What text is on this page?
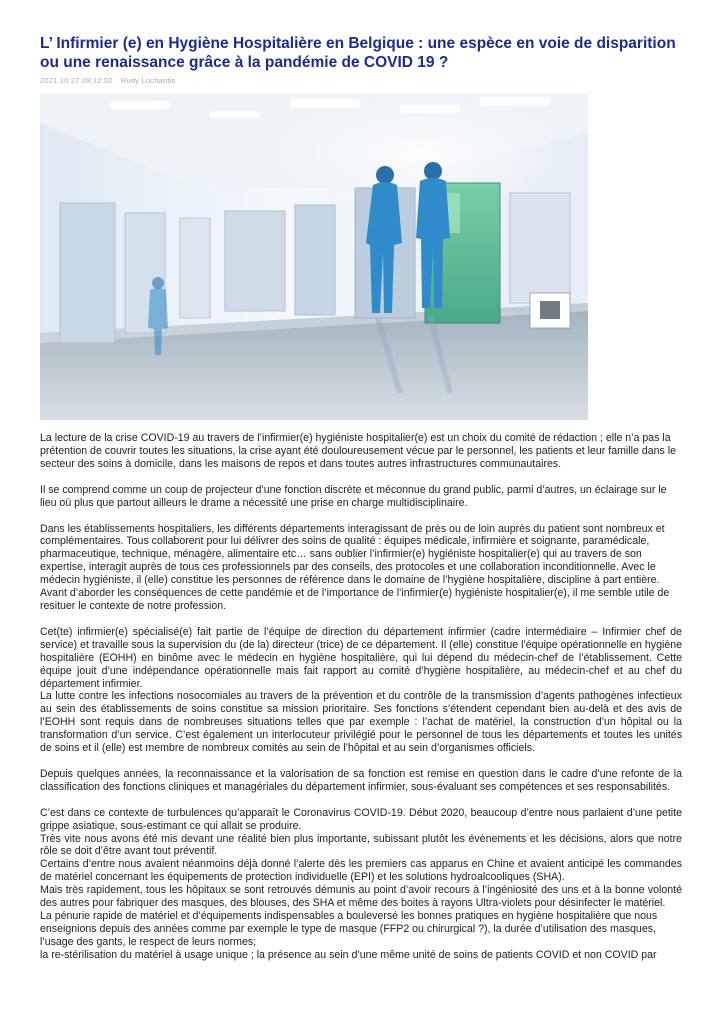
L’ Infirmier (e) en Hygiène Hospitalière en Belgique : une espèce en voie de disparition ou une renaissance grâce à la pandémie de COVID 19 ?
2021 10 27 09:12:02 Rudy Lochantis

La lecture de la crise COVID-19 au travers de l’infirmier(e) hygiéniste hospitalier(e) est un choix du comité de rédaction ; elle n’a pas la prétention de couvrir toutes les situations, la crise ayant été douloureusement vécue par le personnel, les patients et leur famille dans le secteur des soins à domicile, dans les maisons de repos et dans toutes autres infrastructures communautaires.

Il se comprend comme un coup de projecteur d’une fonction discrète et méconnue du grand public, parmi d’autres, un éclairage sur le lieu où plus que partout ailleurs le drame a nécessité une prise en charge multidisciplinaire.

Dans les établissements hospitaliers, les différents départements interagissant de près ou de loin auprès du patient sont nombreux et complémentaires. Tous collaborent pour lui délivrer des soins de qualité : équipes médicale, infirmière et soignante, paramédicale, pharmaceutique, technique, ménagère, alimentaire etc… sans oublier l’infirmier(e) hygiéniste hospitalier(e) qui au travers de son expertise, interagit auprès de tous ces professionnels par des conseils, des protocoles et une collaboration inconditionnelle. Avec le médecin hygiéniste, il (elle) constitue les personnes de référence dans le domaine de l’hygiène hospitalière, discipline à part entière. Avant d’aborder les conséquences de cette pandémie et de l’importance de l’infirmier(e) hygiéniste hospitalier(e), il me semble utile de resituer le contexte de notre profession.

Cet(te) infirmier(e) spécialisé(e) fait partie de l’équipe de direction du département infirmier (cadre intermédiaire – Infirmier chef de service) et travaille sous la supervision du (de la) directeur (trice) de ce département. Il (elle) constitue l’équipe opérationnelle en hygiène hospitalière (EOHH) en binôme avec le médecin en hygiène hospitalière, qui lui dépend du médecin-chef de l’établissement. Cette équipe jouit d’une indépendance opérationnelle mais fait rapport au comité d’hygiène hospitalière, au médecin-chef et au chef du département infirmier.

La lutte contre les infections nosocomiales au travers de la prévention et du contrôle de la transmission d’agents pathogènes infectieux au sein des établissements de soins constitue sa mission prioritaire. Ses fonctions s’étendent cependant bien au-delà et des avis de l’EOHH sont requis dans de nombreuses situations telles que par exemple : l’achat de matériel, la construction d’un hôpital ou la transformation d’un service. C’est également un interlocuteur privilégié pour le personnel de tous les départements et toutes les unités de soins et il (elle) est membre de nombreux comités au sein de l’hôpital et au sein d’organismes officiels.

Depuis quelques années, la reconnaissance et la valorisation de sa fonction est remise en question dans le cadre d’une refonte de la classification des fonctions cliniques et managériales du département infirmier, sous-évaluant ses compétences et ses responsabilités.

C’est dans ce contexte de turbulences qu’apparaît le Coronavirus COVID-19. Début 2020, beaucoup d’entre nous parlaient d’une petite grippe asiatique, sous-estimant ce qui allait se produire.

Très vite nous avons été mis devant une réalité bien plus importante, subissant plutôt les évènements et les décisions, alors que notre rôle se doit d’être avant tout préventif.

Certains d’entre nous avaient néanmoins déjà donné l’alerte dès les premiers cas apparus en Chine et avaient anticipé les commandes de matériel concernant les équipements de protection individuelle (EPI) et les solutions hydroalcooliques (SHA).

Mais très rapidement, tous les hôpitaux se sont retrouvés démunis au point d’avoir recours à l’ingéniosité des uns et à la bonne volonté des autres pour fabriquer des masques, des blouses, des SHA et même des boites à rayons Ultra-violets pour désinfecter le matériel.

La pénurie rapide de matériel et d’équipements indispensables a bouleversé les bonnes pratiques en hygiène hospitalière que nous enseignions depuis des années comme par exemple le type de masque (FFP2 ou chirurgical ?), la durée d’utilisation des masques, l’usage des gants, le respect de leurs normes;

la re-stérilisation du matériel à usage unique ; la présence au sein d’une même unité de soins de patients COVID et non COVID par
